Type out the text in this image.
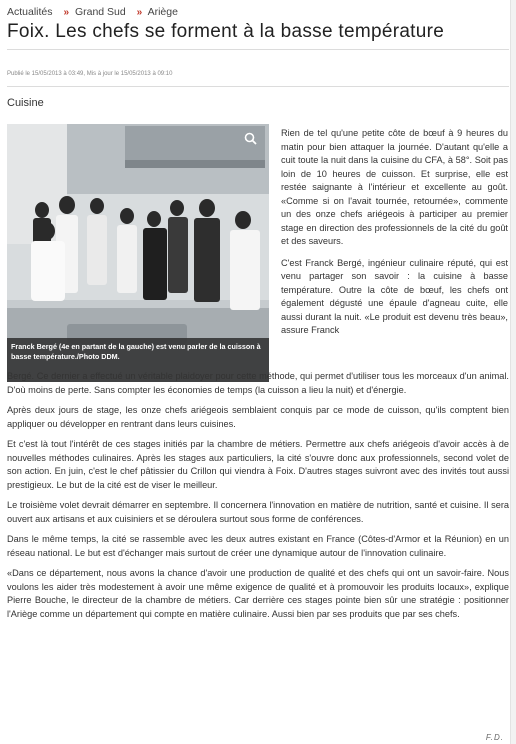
Actualités » Grand Sud » Ariège
Foix. Les chefs se forment à la basse température
Publié le 15/05/2013 à 03:49, Mis à jour le 15/05/2013 à 09:10
Cuisine
Franck Bergé (4e en partant de la gauche) est venu parler de la cuisson à basse température./Photo DDM.

Rien de tel qu'une petite côte de bœuf à 9 heures du matin pour bien attaquer la journée. D'autant qu'elle a cuit toute la nuit dans la cuisine du CFA, à 58°. Soit pas loin de 10 heures de cuisson. Et surprise, elle est restée saignante à l'intérieur et excellente au goût. «Comme si on l'avait tournée, retournée», commente un des onze chefs ariégeois à participer au premier stage en direction des professionnels de la cité du goût et des saveurs.

C'est Franck Bergé, ingénieur culinaire réputé, qui est venu partager son savoir : la cuisine à basse température. Outre la côte de bœuf, les chefs ont également dégusté une épaule d'agneau cuite, elle aussi durant la nuit. «Le produit est devenu très beau», assure Franck

Bergé. Ce dernier a effectué un véritable plaidoyer pour cette méthode, qui permet d'utiliser tous les morceaux d'un animal. D'où moins de perte. Sans compter les économies de temps (la cuisson a lieu la nuit) et d'énergie.

Après deux jours de stage, les onze chefs ariégeois semblaient conquis par ce mode de cuisson, qu'ils comptent bien appliquer ou développer en rentrant dans leurs cuisines.

Et c'est là tout l'intérêt de ces stages initiés par la chambre de métiers. Permettre aux chefs ariégeois d'avoir accès à de nouvelles méthodes culinaires. Après les stages aux particuliers, la cité s'ouvre donc aux professionnels, second volet de son action. En juin, c'est le chef pâtissier du Crillon qui viendra à Foix. D'autres stages suivront avec des invités tout aussi prestigieux. Le but de la cité est de viser le meilleur.

Le troisième volet devrait démarrer en septembre. Il concernera l'innovation en matière de nutrition, santé et cuisine. Il sera ouvert aux artisans et aux cuisiniers et se déroulera surtout sous forme de conférences.

Dans le même temps, la cité se rassemble avec les deux autres existant en France (Côtes-d'Armor et la Réunion) en un réseau national. Le but est d'échanger mais surtout de créer une dynamique autour de l'innovation culinaire.

«Dans ce département, nous avons la chance d'avoir une production de qualité et des chefs qui ont un savoir-faire. Nous voulons les aider très modestement à avoir une même exigence de qualité et à promouvoir les produits locaux», explique Pierre Bouche, le directeur de la chambre de métiers. Car derrière ces stages pointe bien sûr une stratégie : positionner l'Ariège comme un département qui compte en matière culinaire. Aussi bien par ses produits que par ses chefs.

F.D.
